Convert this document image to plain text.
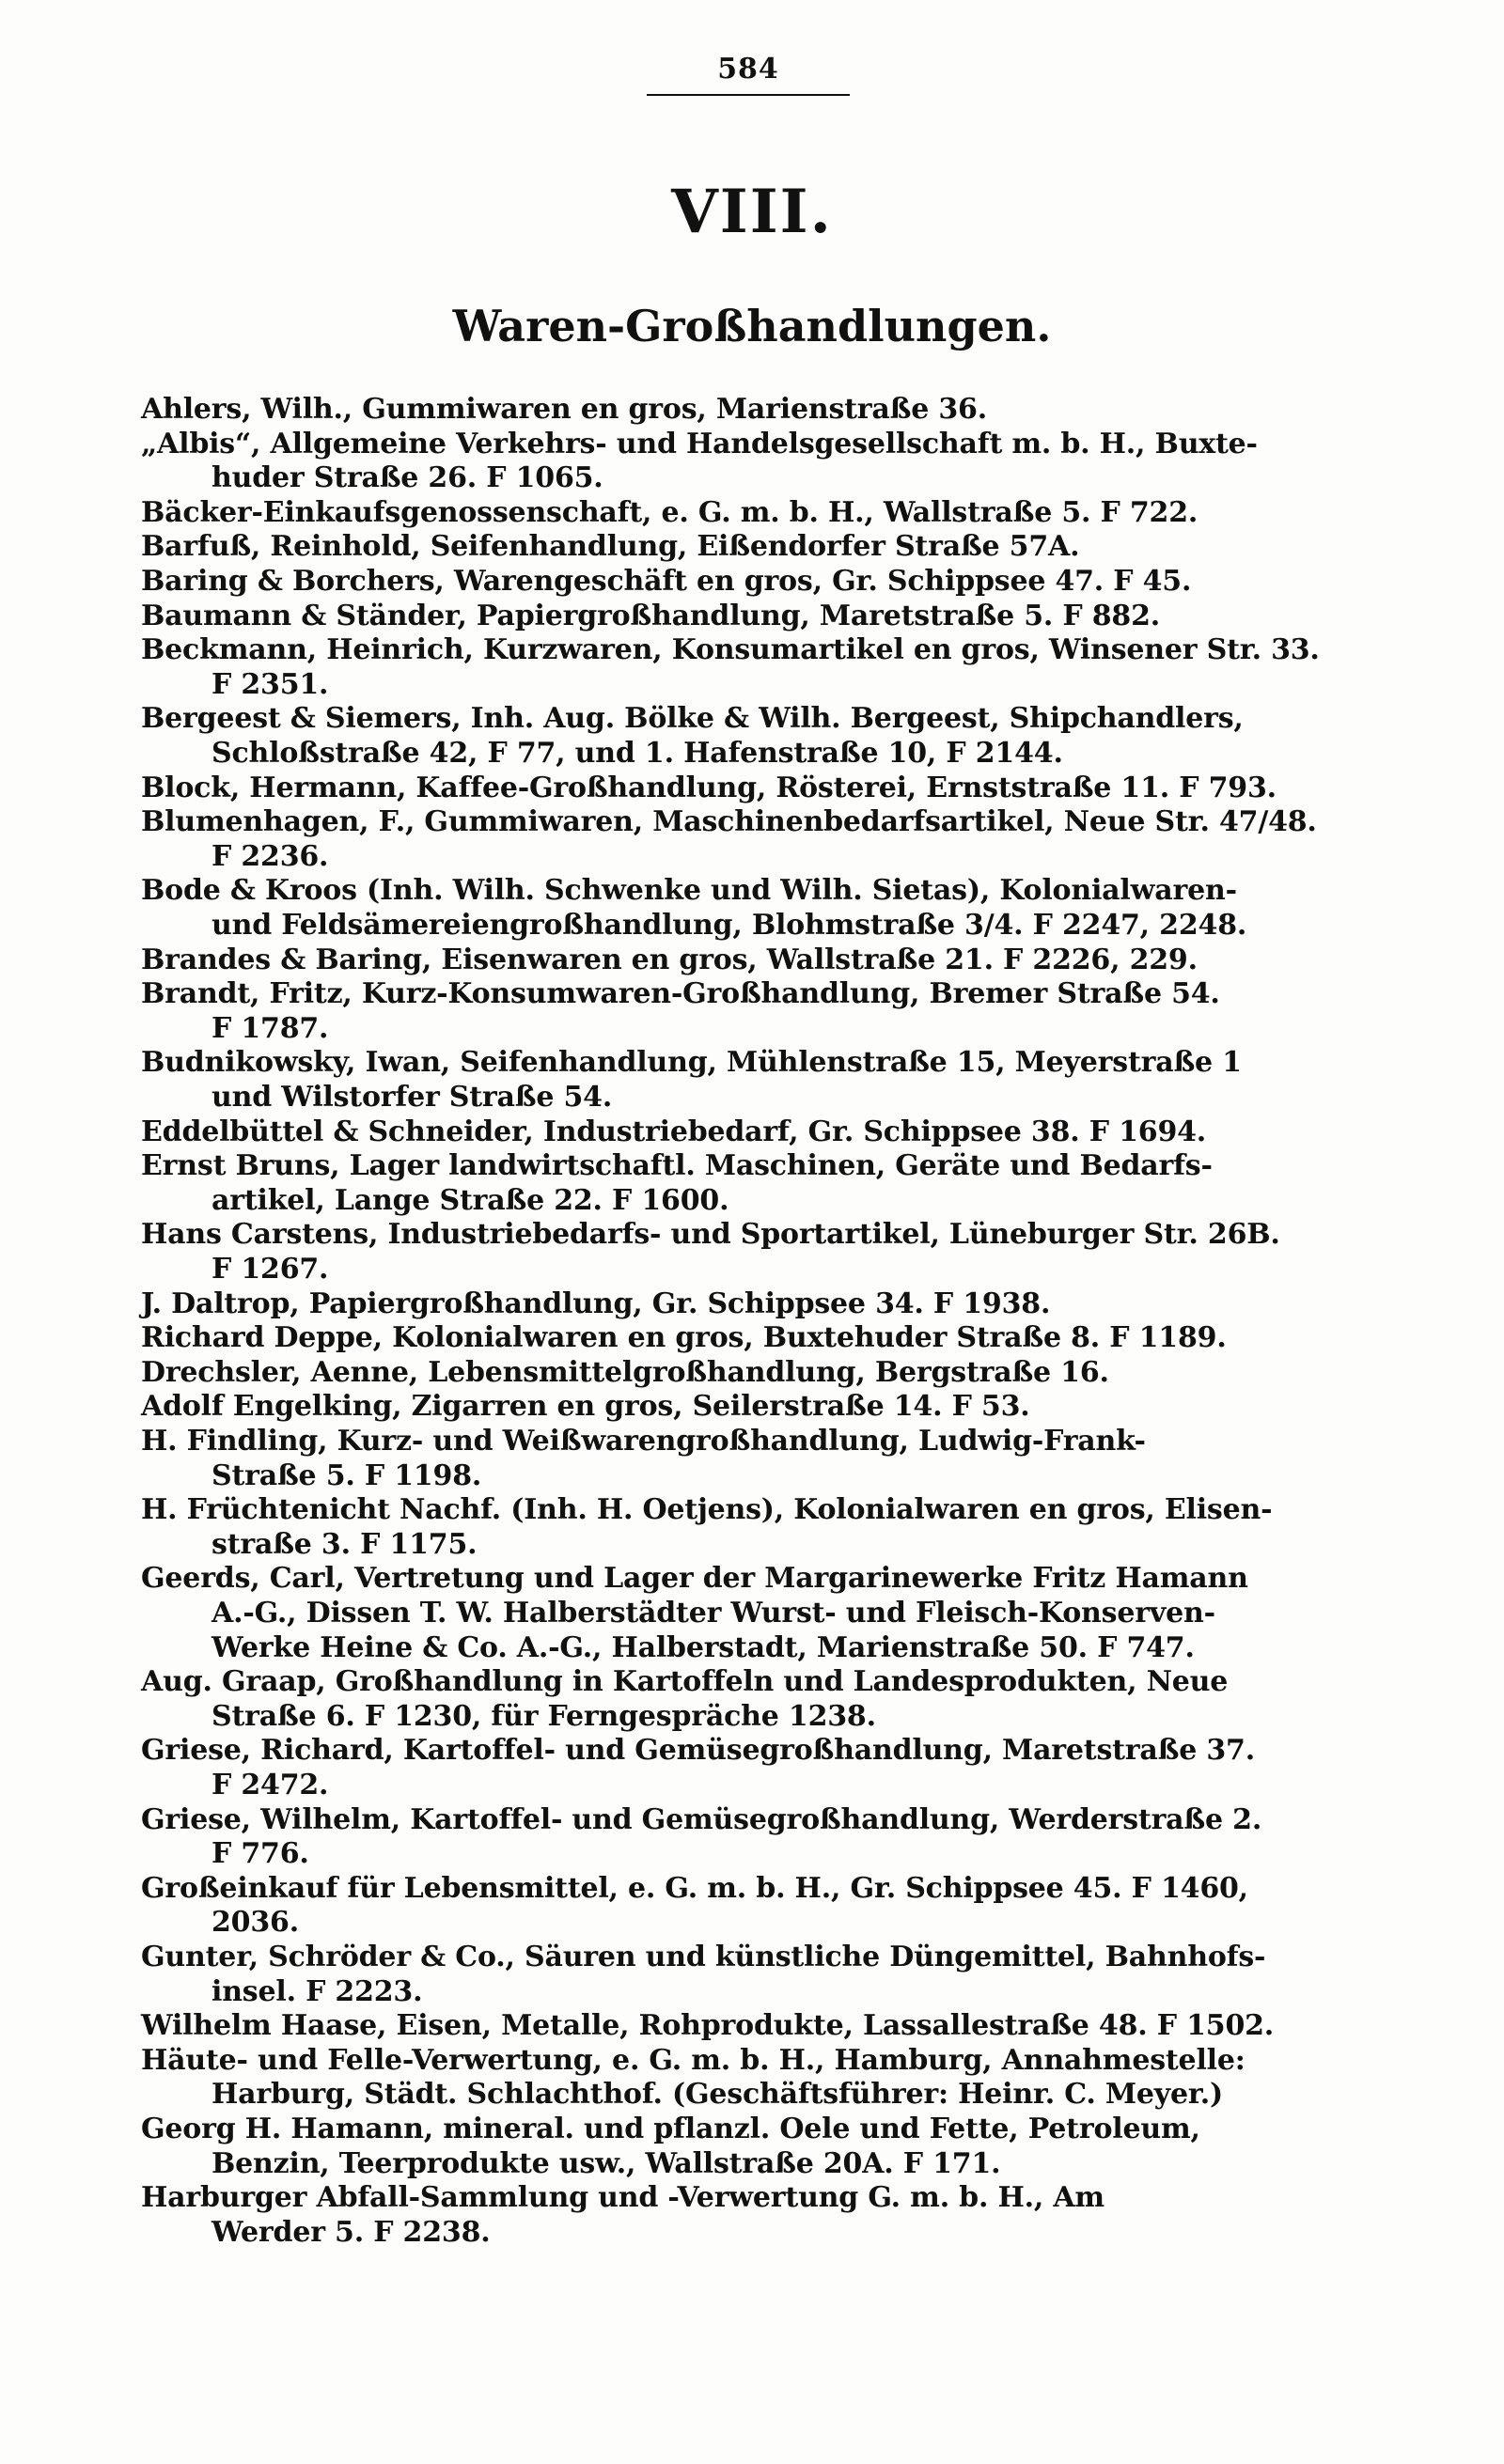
584
VIII.
Waren-Großhandlungen.
Ahlers, Wilh., Gummiwaren en gros, Marienstraße 36.
„Albis“, Allgemeine Verkehrs- und Handelsgesellschaft m. b. H., Buxte-
huder Straße 26. F 1065.
Bäcker-Einkaufsgenossenschaft, e. G. m. b. H., Wallstraße 5. F 722.
Barfuß, Reinhold, Seifenhandlung, Eißendorfer Straße 57A.
Baring & Borchers, Warengeschäft en gros, Gr. Schippsee 47. F 45.
Baumann & Ständer, Papiergroßhandlung, Maretstraße 5. F 882.
Beckmann, Heinrich, Kurzwaren, Konsumartikel en gros, Winsener Str. 33.
F 2351.
Bergeest & Siemers, Inh. Aug. Bölke & Wilh. Bergeest, Shipchandlers,
Schloßstraße 42, F 77, und 1. Hafenstraße 10, F 2144.
Block, Hermann, Kaffee-Großhandlung, Rösterei, Ernststraße 11. F 793.
Blumenhagen, F., Gummiwaren, Maschinenbedarfsartikel, Neue Str. 47/48.
F 2236.
Bode & Kroos (Inh. Wilh. Schwenke und Wilh. Sietas), Kolonialwaren-
und Feldsämereiengroßhandlung, Blohmstraße 3/4. F 2247, 2248.
Brandes & Baring, Eisenwaren en gros, Wallstraße 21. F 2226, 229.
Brandt, Fritz, Kurz-Konsumwaren-Großhandlung, Bremer Straße 54.
F 1787.
Budnikowsky, Iwan, Seifenhandlung, Mühlenstraße 15, Meyerstraße 1
und Wilstorfer Straße 54.
Eddelbüttel & Schneider, Industriebedarf, Gr. Schippsee 38. F 1694.
Ernst Bruns, Lager landwirtschaftl. Maschinen, Geräte und Bedarfs-
artikel, Lange Straße 22. F 1600.
Hans Carstens, Industriebedarfs- und Sportartikel, Lüneburger Str. 26B.
F 1267.
J. Daltrop, Papiergroßhandlung, Gr. Schippsee 34. F 1938.
Richard Deppe, Kolonialwaren en gros, Buxtehuder Straße 8. F 1189.
Drechsler, Aenne, Lebensmittelgroßhandlung, Bergstraße 16.
Adolf Engelking, Zigarren en gros, Seilerstraße 14. F 53.
H. Findling, Kurz- und Weißwarengroßhandlung, Ludwig-Frank-
Straße 5. F 1198.
H. Früchtenicht Nachf. (Inh. H. Oetjens), Kolonialwaren en gros, Elisen-
straße 3. F 1175.
Geerds, Carl, Vertretung und Lager der Margarinewerke Fritz Hamann
A.-G., Dissen T. W. Halberstädter Wurst- und Fleisch-Konserven-
Werke Heine & Co. A.-G., Halberstadt, Marienstraße 50. F 747.
Aug. Graap, Großhandlung in Kartoffeln und Landesprodukten, Neue
Straße 6. F 1230, für Ferngespräche 1238.
Griese, Richard, Kartoffel- und Gemüsegroßhandlung, Maretstraße 37.
F 2472.
Griese, Wilhelm, Kartoffel- und Gemüsegroßhandlung, Werderstraße 2.
F 776.
Großeinkauf für Lebensmittel, e. G. m. b. H., Gr. Schippsee 45. F 1460,
2036.
Gunter, Schröder & Co., Säuren und künstliche Düngemittel, Bahnhofs-
insel. F 2223.
Wilhelm Haase, Eisen, Metalle, Rohprodukte, Lassallestraße 48. F 1502.
Häute- und Felle-Verwertung, e. G. m. b. H., Hamburg, Annahmestelle:
Harburg, Städt. Schlachthof. (Geschäftsführer: Heinr. C. Meyer.)
Georg H. Hamann, mineral. und pflanzl. Oele und Fette, Petroleum,
Benzin, Teerprodukte usw., Wallstraße 20A. F 171.
Harburger Abfall-Sammlung und -Verwertung G. m. b. H., Am
Werder 5. F 2238.
